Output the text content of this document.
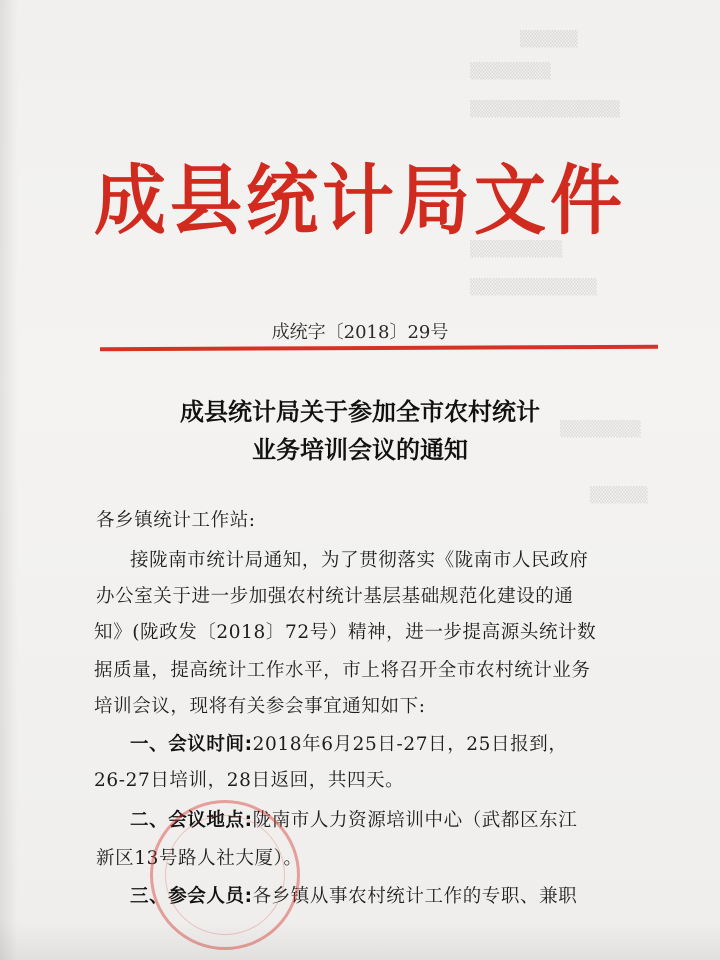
▒▒▒▒▒
▒▒▒▒▒▒▒
▒▒▒▒▒▒▒▒▒▒▒▒▒
▒▒▒▒▒▒▒▒
▒▒▒▒▒▒▒▒▒▒▒
▒▒▒▒▒▒▒
▒▒▒▒▒
成县统计局文件
成统字〔2018〕29号
成县统计局关于参加全市农村统计
业务培训会议的通知
各乡镇统计工作站:
接陇南市统计局通知，为了贯彻落实《陇南市人民政府
办公室关于进一步加强农村统计基层基础规范化建设的通
知》(陇政发〔2018〕72号）精神，进一步提高源头统计数
据质量，提高统计工作水平，市上将召开全市农村统计业务
培训会议，现将有关参会事宜通知如下:
一、会议时间:2018年6月25日-27日，25日报到，
26-27日培训，28日返回，共四天。
二、会议地点:陇南市人力资源培训中心（武都区东江
新区13号路人社大厦）。
三、参会人员:各乡镇从事农村统计工作的专职、兼职
